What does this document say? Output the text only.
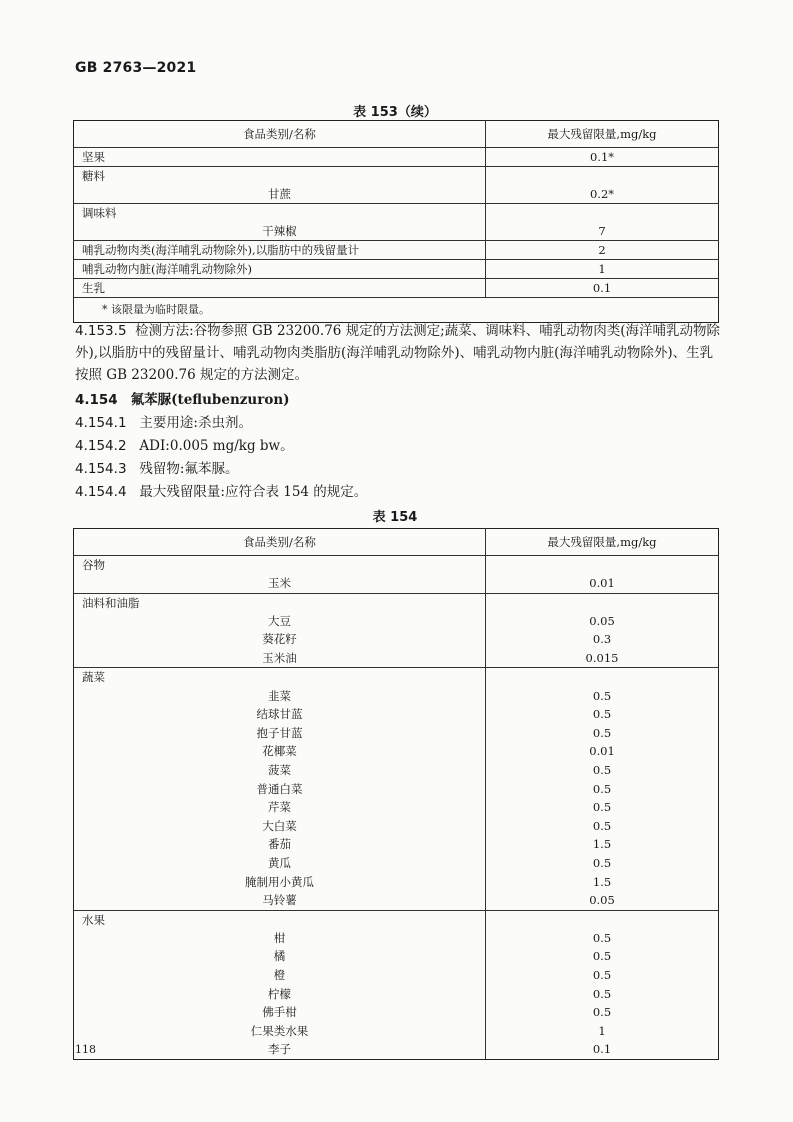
GB 2763—2021
表 153（续）
食品类别/名称	最大残留限量,mg/kg
坚果	0.1*
糖料	
甘蔗	0.2*
调味料	
干辣椒	7
哺乳动物肉类(海洋哺乳动物除外),以脂肪中的残留量计	2
哺乳动物内脏(海洋哺乳动物除外)	1
生乳	0.1
* 该限量为临时限量。	
4.153.5 检测方法:谷物参照 GB 23200.76 规定的方法测定;蔬菜、调味料、哺乳动物肉类(海洋哺乳动物除外),以脂肪中的残留量计、哺乳动物肉类脂肪(海洋哺乳动物除外)、哺乳动物内脏(海洋哺乳动物除外)、生乳按照 GB 23200.76 规定的方法测定。
4.154 氟苯脲(teflubenzuron)
4.154.1 主要用途:杀虫剂。
4.154.2 ADI:0.005 mg/kg bw。
4.154.3 残留物:氟苯脲。
4.154.4 最大残留限量:应符合表 154 的规定。
表 154
食品类别/名称	最大残留限量,mg/kg
谷物	
玉米	0.01
油料和油脂	
大豆	0.05
葵花籽	0.3
玉米油	0.015
蔬菜	
韭菜	0.5
结球甘蓝	0.5
抱子甘蓝	0.5
花椰菜	0.01
菠菜	0.5
普通白菜	0.5
芹菜	0.5
大白菜	0.5
番茄	1.5
黄瓜	0.5
腌制用小黄瓜	1.5
马铃薯	0.05
水果	
柑	0.5
橘	0.5
橙	0.5
柠檬	0.5
佛手柑	0.5
仁果类水果	1
李子	0.1
118
